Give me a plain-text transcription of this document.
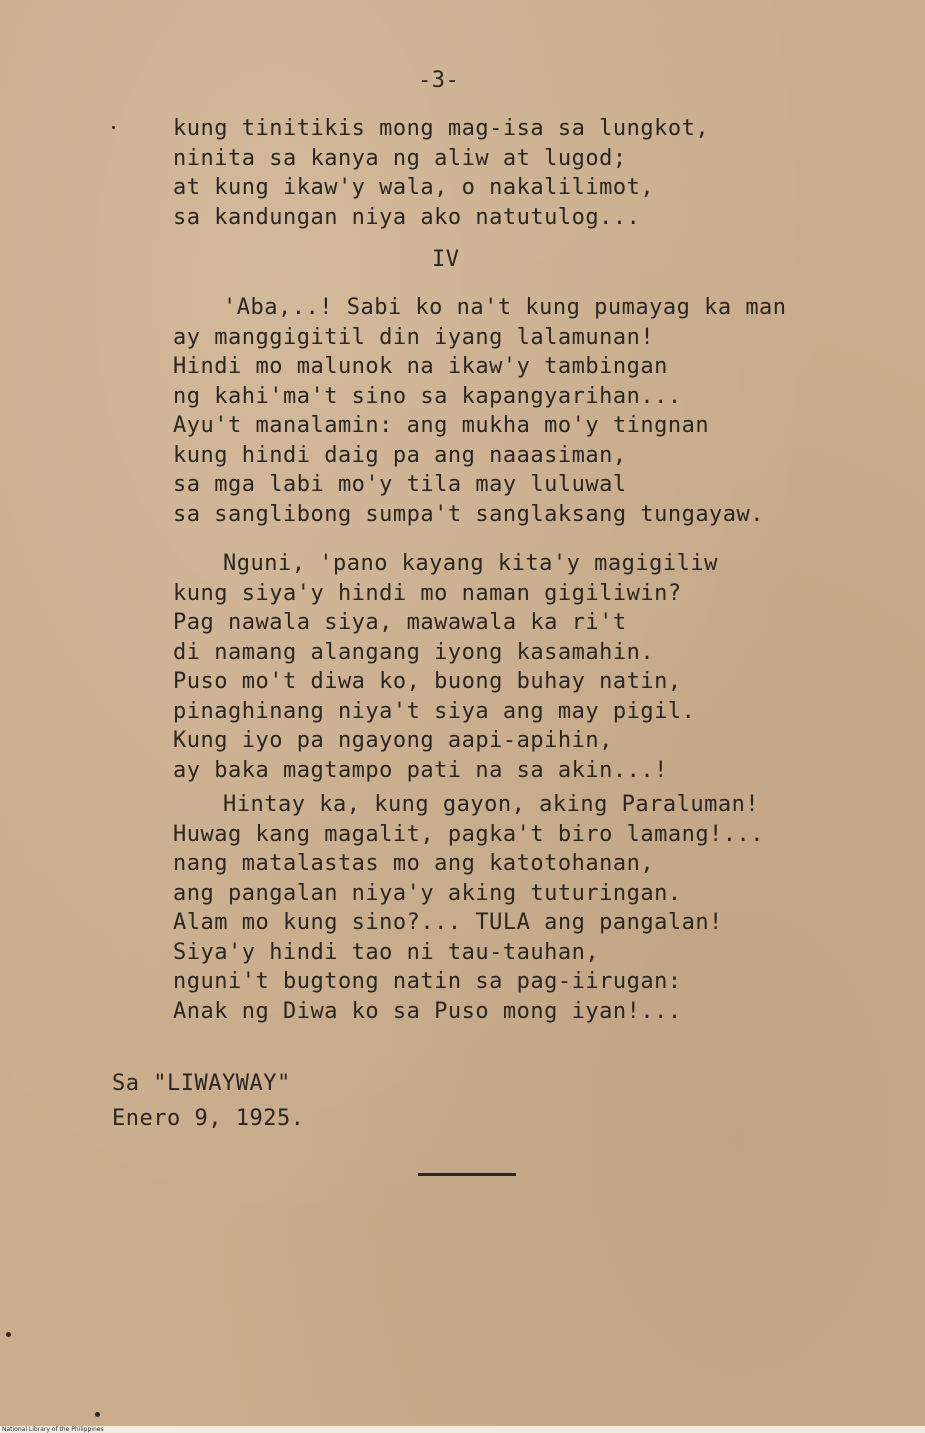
-3-
kung tinitikis mong mag-isa sa lungkot,
ninita sa kanya ng aliw at lugod;
at kung ikaw'y wala, o nakalilimot,
sa kandungan niya ako natutulog...
IV
'Aba,..! Sabi ko na't kung pumayag ka man
ay manggigitil din iyang lalamunan!
Hindi mo malunok na ikaw'y tambingan
ng kahi'ma't sino sa kapangyarihan...
Ayu't manalamin: ang mukha mo'y tingnan
kung hindi daig pa ang naaasiman,
sa mga labi mo'y tila may luluwal
sa sanglibong sumpa't sanglaksang tungayaw.
Nguni, 'pano kayang kita'y magigiliw
kung siya'y hindi mo naman gigiliwin?
Pag nawala siya, mawawala ka ri't
di namang alangang iyong kasamahin.
Puso mo't diwa ko, buong buhay natin,
pinaghinang niya't siya ang may pigil.
Kung iyo pa ngayong aapi-apihin,
ay baka magtampo pati na sa akin...!
Hintay ka, kung gayon, aking Paraluman!
Huwag kang magalit, pagka't biro lamang!...
nang matalastas mo ang katotohanan,
ang pangalan niya'y aking tuturingan.
Alam mo kung sino?... TULA ang pangalan!
Siya'y hindi tao ni tau-tauhan,
nguni't bugtong natin sa pag-iirugan:
Anak ng Diwa ko sa Puso mong iyan!...
Sa "LIWAYWAY"
Enero 9, 1925.
National Library of the Philippines
